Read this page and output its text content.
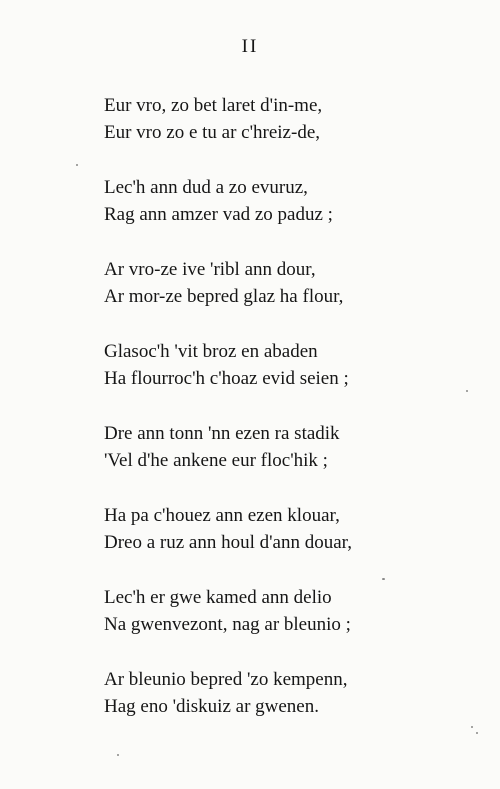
II

Eur vro, zo bet laret d'in-me,
Eur vro zo e tu ar c'hreiz-de,

Lec'h ann dud a zo evuruz,
Rag ann amzer vad zo paduz ;

Ar vro-ze ive 'ribl ann dour,
Ar mor-ze bepred glaz ha flour,

Glasoc'h 'vit broz en abaden
Ha flourroc'h c'hoaz evid seien ;

Dre ann tonn 'nn ezen ra stadik
'Vel d'he ankene eur floc'hik ;

Ha pa c'houez ann ezen klouar,
Dreo a ruz ann houl d'ann douar,

Lec'h er gwe kamed ann delio
Na gwenvezont, nag ar bleunio ;

Ar bleunio bepred 'zo kempenn,
Hag eno 'diskuiz ar gwenen.
